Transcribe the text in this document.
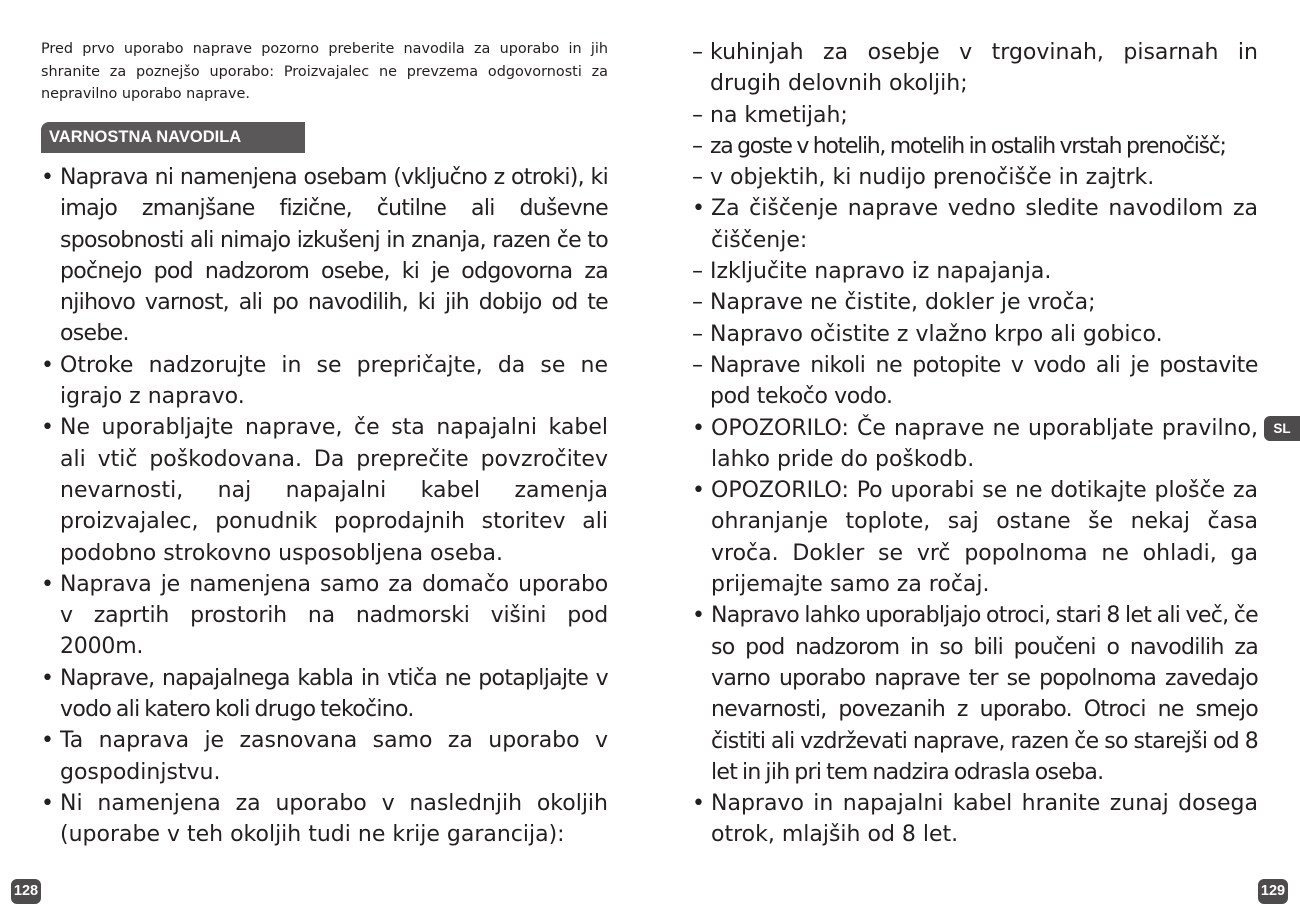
Pred prvo uporabo naprave pozorno preberite navodila za uporabo in jih shranite za poznejšo uporabo: Proizvajalec ne prevzema odgovornosti za nepravilno uporabo naprave.

VARNOSTNA NAVODILA
• Naprava ni namenjena osebam (vključno z otroki), ki imajo zmanjšane fizične, čutilne ali duševne sposobnosti ali nimajo izkušenj in znanja, razen če to počnejo pod nadzorom osebe, ki je odgovorna za njihovo varnost, ali po navodilih, ki jih dobijo od te osebe.
• Otroke nadzorujte in se prepričajte, da se ne igrajo z napravo.
• Ne uporabljajte naprave, če sta napajalni kabel ali vtič poškodovana. Da preprečite povzročitev nevarnosti, naj napajalni kabel zamenja proizvajalec, ponudnik poprodajnih storitev ali podobno strokovno usposobljena oseba.
• Naprava je namenjena samo za domačo uporabo v zaprtih prostorih na nadmorski višini pod 2000m.
• Naprave, napajalnega kabla in vtiča ne potapljajte v vodo ali katero koli drugo tekočino.
• Ta naprava je zasnovana samo za uporabo v gospodinjstvu.
• Ni namenjena za uporabo v naslednjih okoljih (uporabe v teh okoljih tudi ne krije garancija):
128
– kuhinjah za osebje v trgovinah, pisarnah in drugih delovnih okoljih;
– na kmetijah;
– za goste v hotelih, motelih in ostalih vrstah prenočišč;
– v objektih, ki nudijo prenočišče in zajtrk.
• Za čiščenje naprave vedno sledite navodilom za čiščenje:
– Izključite napravo iz napajanja.
– Naprave ne čistite, dokler je vroča;
– Napravo očistite z vlažno krpo ali gobico.
– Naprave nikoli ne potopite v vodo ali je postavite pod tekočo vodo.
• OPOZORILO: Če naprave ne uporabljate pravilno, lahko pride do poškodb.
• OPOZORILO: Po uporabi se ne dotikajte plošče za ohranjanje toplote, saj ostane še nekaj časa vroča. Dokler se vrč popolnoma ne ohladi, ga prijemajte samo za ročaj.
• Napravo lahko uporabljajo otroci, stari 8 let ali več, če so pod nadzorom in so bili poučeni o navodilih za varno uporabo naprave ter se popolnoma zavedajo nevarnosti, povezanih z uporabo. Otroci ne smejo čistiti ali vzdrževati naprave, razen če so starejši od 8 let in jih pri tem nadzira odrasla oseba.
• Napravo in napajalni kabel hranite zunaj dosega otrok, mlajših od 8 let.
SL
129
